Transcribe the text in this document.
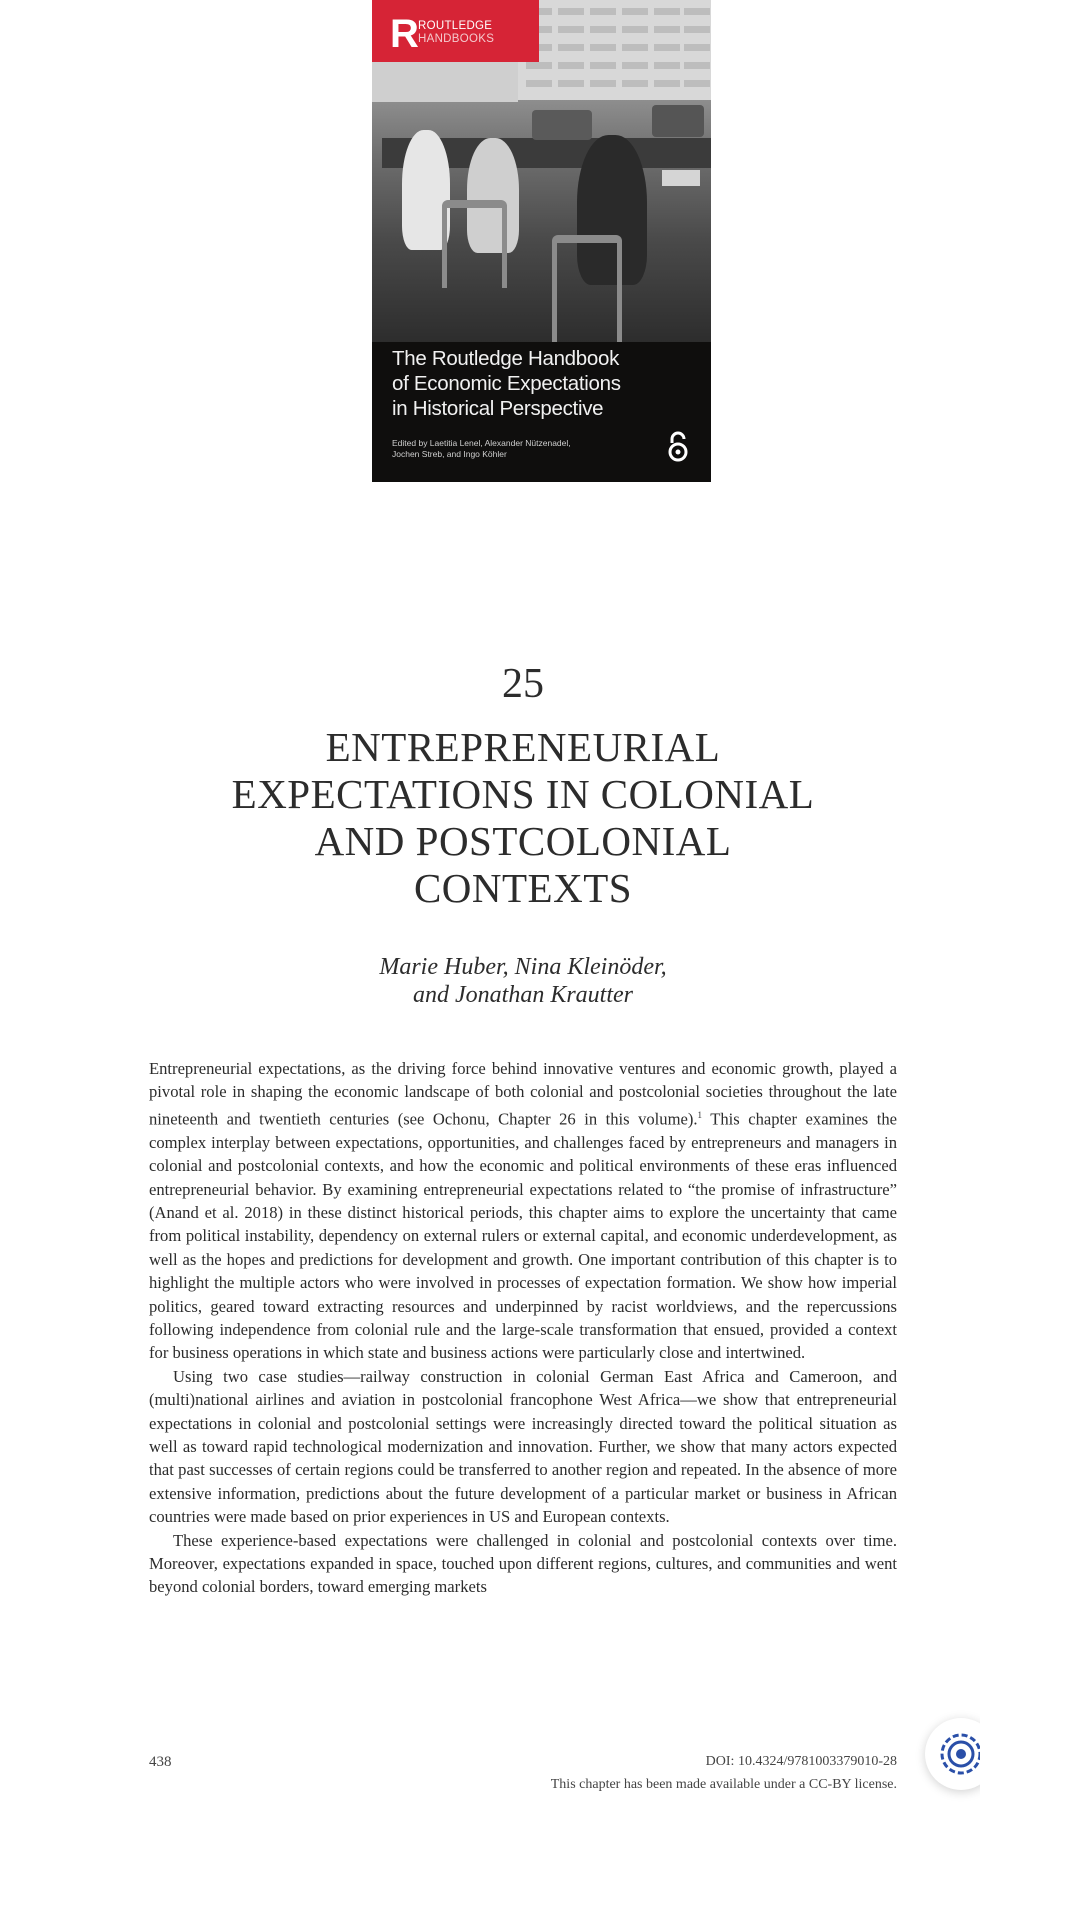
R ROUTLEDGE
HANDBOOKS
The Routledge Handbook
of Economic Expectations
in Historical Perspective
Edited by Laetitia Lenel, Alexander Nützenadel,
Jochen Streb, and Ingo Köhler
25
ENTREPRENEURIAL
EXPECTATIONS IN COLONIAL
AND POSTCOLONIAL
CONTEXTS
Marie Huber, Nina Kleinöder,
and Jonathan Krautter

Entrepreneurial expectations, as the driving force behind innovative ventures and economic growth, played a pivotal role in shaping the economic landscape of both colonial and postcolonial societies throughout the late nineteenth and twentieth centuries (see Ochonu, Chapter 26 in this volume).$^1$ This chapter examines the complex interplay between expectations, opportunities, and challenges faced by entrepreneurs and managers in colonial and postcolonial contexts, and how the economic and political environments of these eras influenced entrepreneurial behavior. By examining entrepreneurial expectations related to “the promise of infrastructure” (Anand et al. 2018) in these distinct historical periods, this chapter aims to explore the uncertainty that came from political instability, dependency on external rulers or external capital, and economic underdevelopment, as well as the hopes and predictions for development and growth. One important contribution of this chapter is to highlight the multiple actors who were involved in processes of expectation formation. We show how imperial politics, geared toward extracting resources and underpinned by racist worldviews, and the repercussions following independence from colonial rule and the large-scale transformation that ensued, provided a context for business operations in which state and business actions were particularly close and intertwined.

Using two case studies—railway construction in colonial German East Africa and Cameroon, and (multi)national airlines and aviation in postcolonial francophone West Africa—we show that entrepreneurial expectations in colonial and postcolonial settings were increasingly directed toward the political situation as well as toward rapid technological modernization and innovation. Further, we show that many actors expected that past successes of certain regions could be transferred to another region and repeated. In the absence of more extensive information, predictions about the future development of a particular market or business in African countries were made based on prior experiences in US and European contexts.

These experience-based expectations were challenged in colonial and postcolonial contexts over time. Moreover, expectations expanded in space, touched upon different regions, cultures, and communities and went beyond colonial borders, toward emerging markets

438	DOI: 10.4324/9781003379010-28
This chapter has been made available under a CC-BY license.
